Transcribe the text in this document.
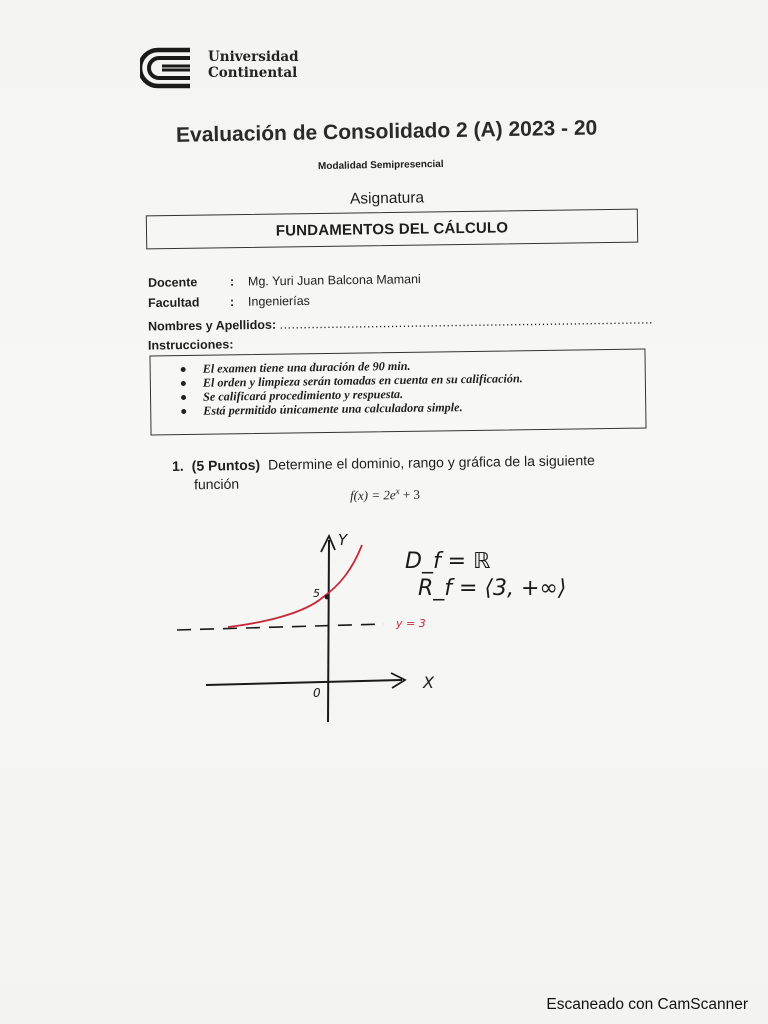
Universidad
Continental
Evaluación de Consolidado 2 (A) 2023 - 20
Modalidad Semipresencial
Asignatura
FUNDAMENTOS DEL CÁLCULO
Docente	: Mg. Yuri Juan Balcona Mamani
Facultad : Ingenierías
Nombres y Apellidos: ..............................................................................................
Instrucciones:
El examen tiene una duración de 90 min.
El orden y limpieza serán tomadas en cuenta en su calificación.
Se calificará procedimiento y respuesta.
Está permitido únicamente una calculadora simple.
1. (5 Puntos) Determine el dominio, rango y gráfica de la siguiente
función
$f(x) = 2e^x + 3$
Y
X
0
5
y = 3
D_f = ℝ
R_f = ⟨3, +∞⟩
Escaneado con CamScanner
